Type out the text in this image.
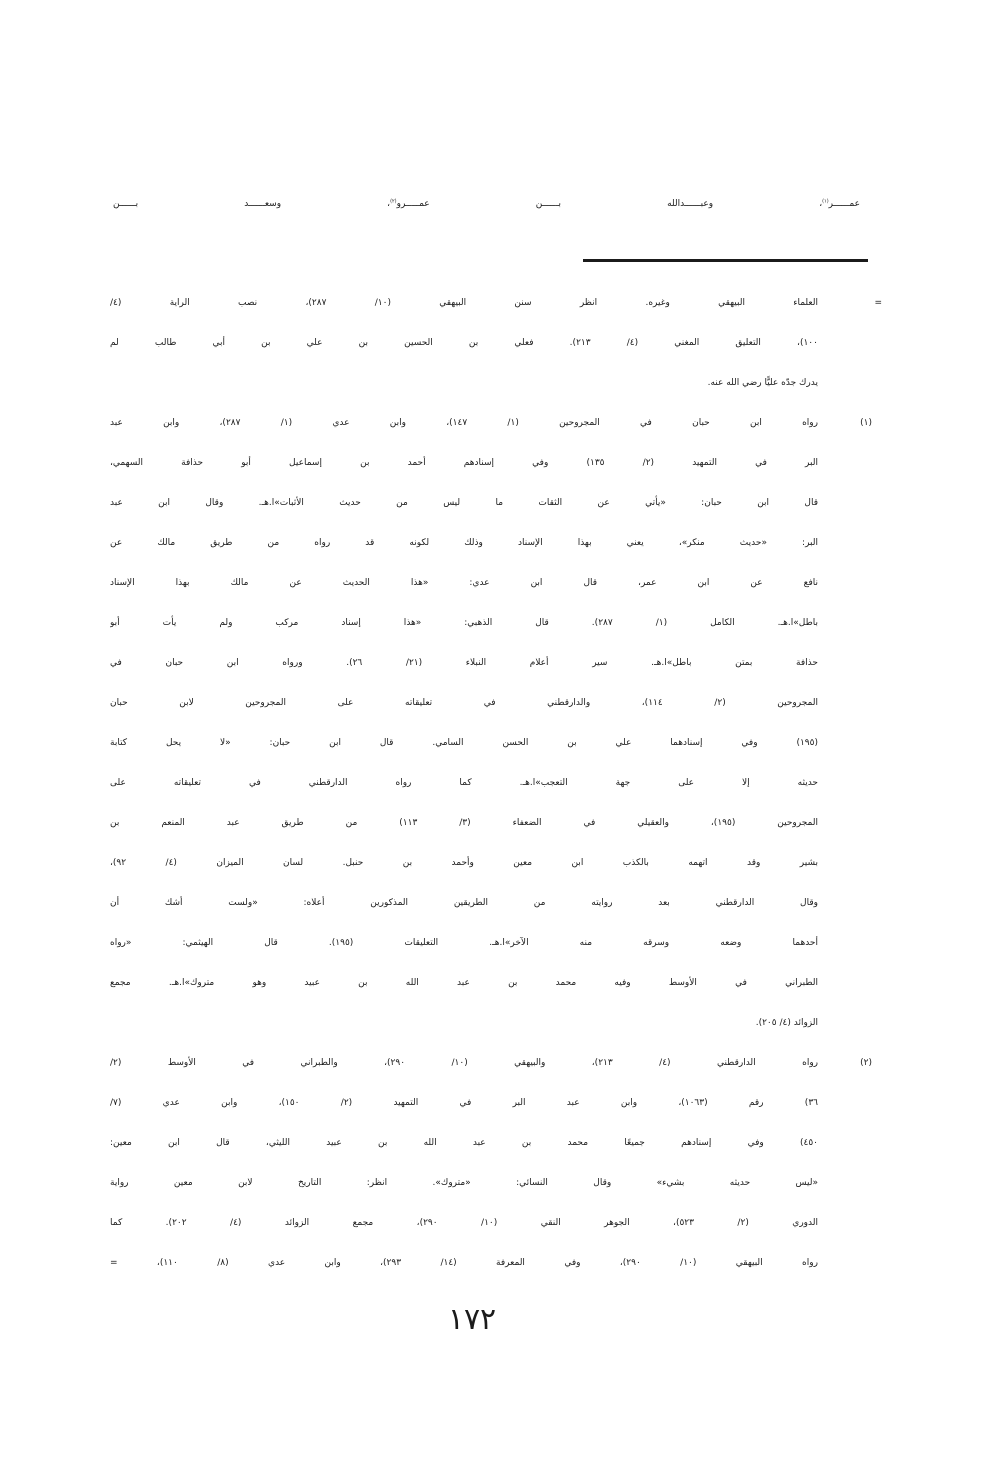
عمــــــر$^{(١)}$، وعبــــــدالله بــــــن عمـــــرو$^{(٢)}$، وسعــــــد بــــــن
=
العلماء البيهقي وغيره. انظر سنن البيهقي (١٠/ ٢٨٧)، نصب الراية (٤/
١٠٠)، التعليق المغني (٤/ ٢١٣). فعلي بن الحسين بن علي بن أبي طالب لم
يدرك جدّه عليًّا رضي الله عنه.
(١)
رواه ابن حبان في المجروحين (١/ ١٤٧)، وابن عدي (١/ ٢٨٧)، وابن عبد
البر في التمهيد (٢/ ١٣٥) وفي إسنادهم أحمد بن إسماعيل أبو حذافة السهمي،
قال ابن حبان: «يأتي عن الثقات ما ليس من حديث الأثبات»ا.هـ. وقال ابن عبد
البر: «حديث منكر»، يعني بهذا الإسناد وذلك لكونه قد رواه من طريق مالك عن
نافع عن ابن عمر، قال ابن عدي: «هذا الحديث عن مالك بهذا الإسناد
باطل»ا.هـ. الكامل (١/ ٢٨٧). قال الذهبي: «هذا إسناد مركب ولم يأت أبو
حذافة بمتن باطل»ا.هـ. سير أعلام النبلاء (٢١/ ٢٦). ورواه ابن حبان في
المجروحين (٢/ ١١٤)، والدارقطني في تعليقاته على المجروحين لابن حبان
(١٩٥) وفي إسنادهما علي بن الحسن السامي. قال ابن حبان: «لا يحل كتابة
حديثه إلا على جهة التعجب»ا.هـ. كما رواه الدارقطني في تعليقاته على
المجروحين (١٩٥)، والعقيلي في الضعفاء (٣/ ١١٣) من طريق عبد المنعم بن
بشير وقد اتهمه بالكذب ابن معين وأحمد بن حنبل. لسان الميزان (٤/ ٩٢)،
وقال الدارقطني بعد روايته من الطريقين المذكورين أعلاه: «ولست أشك أن
أحدهما وضعه وسرقه منه الآخر»ا.هـ. التعليقات (١٩٥). قال الهيثمي: «رواه
الطبراني في الأوسط وفيه محمد بن عبد الله بن عبيد وهو متروك»ا.هـ. مجمع
الزوائد (٤/ ٢٠٥).
(٢)
رواه الدارقطني (٤/ ٢١٣)، والبيهقي (١٠/ ٢٩٠)، والطبراني في الأوسط (٢/
٣٦) رقم (١٠٦٣)، وابن عبد البر في التمهيد (٢/ ١٥٠)، وابن عدي (٧/
٤٥٠) وفي إسنادهم جميعًا محمد بن عبد الله بن عبيد الليثي، قال ابن معين:
«ليس حديثه بشيء» وقال النسائي: «متروك». انظر: التاريخ لابن معين رواية
الدوري (٢/ ٥٢٣)، الجوهر النقي (١٠/ ٢٩٠)، مجمع الزوائد (٤/ ٢٠٢). كما
رواه البيهقي (١٠/ ٢٩٠)، وفي المعرفة (١٤/ ٢٩٣)، وابن عدي (٨/ ١١٠)، =
١٧٢
